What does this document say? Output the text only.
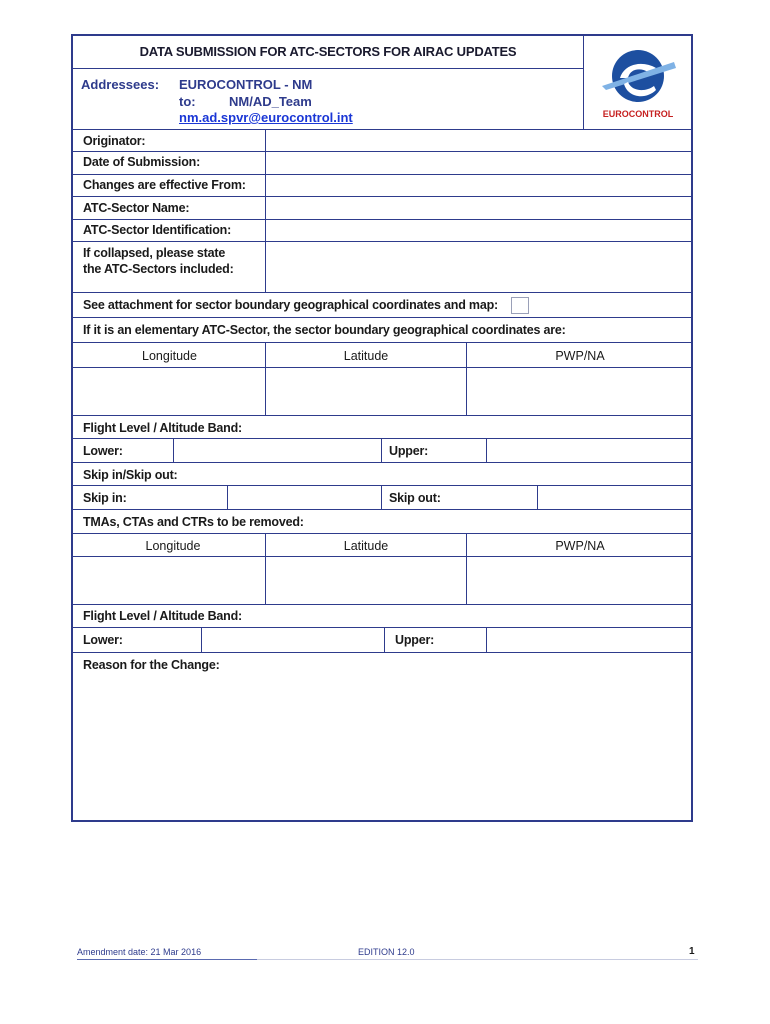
DATA SUBMISSION FOR ATC-SECTORS FOR AIRAC UPDATES
Addressees: EUROCONTROL - NM
to:	NM/AD_Team
nm.ad.spvr@eurocontrol.int	EUROCONTROL
Originator:
Date of Submission:
Changes are effective From:
ATC-Sector Name:
ATC-Sector Identification:
If collapsed, please state
the ATC-Sectors included:
See attachment for sector boundary geographical coordinates and map:
If it is an elementary ATC-Sector, the sector boundary geographical coordinates are:
Longitude	Latitude	PWP/NA
Flight Level / Altitude Band:
Lower:	Upper:
Skip in/Skip out:
Skip in:	Skip out:
TMAs, CTAs and CTRs to be removed:
Longitude	Latitude	PWP/NA
Flight Level / Altitude Band:
Lower:	Upper:
Reason for the Change:
Amendment date: 21 Mar 2016	EDITION 12.0	1
